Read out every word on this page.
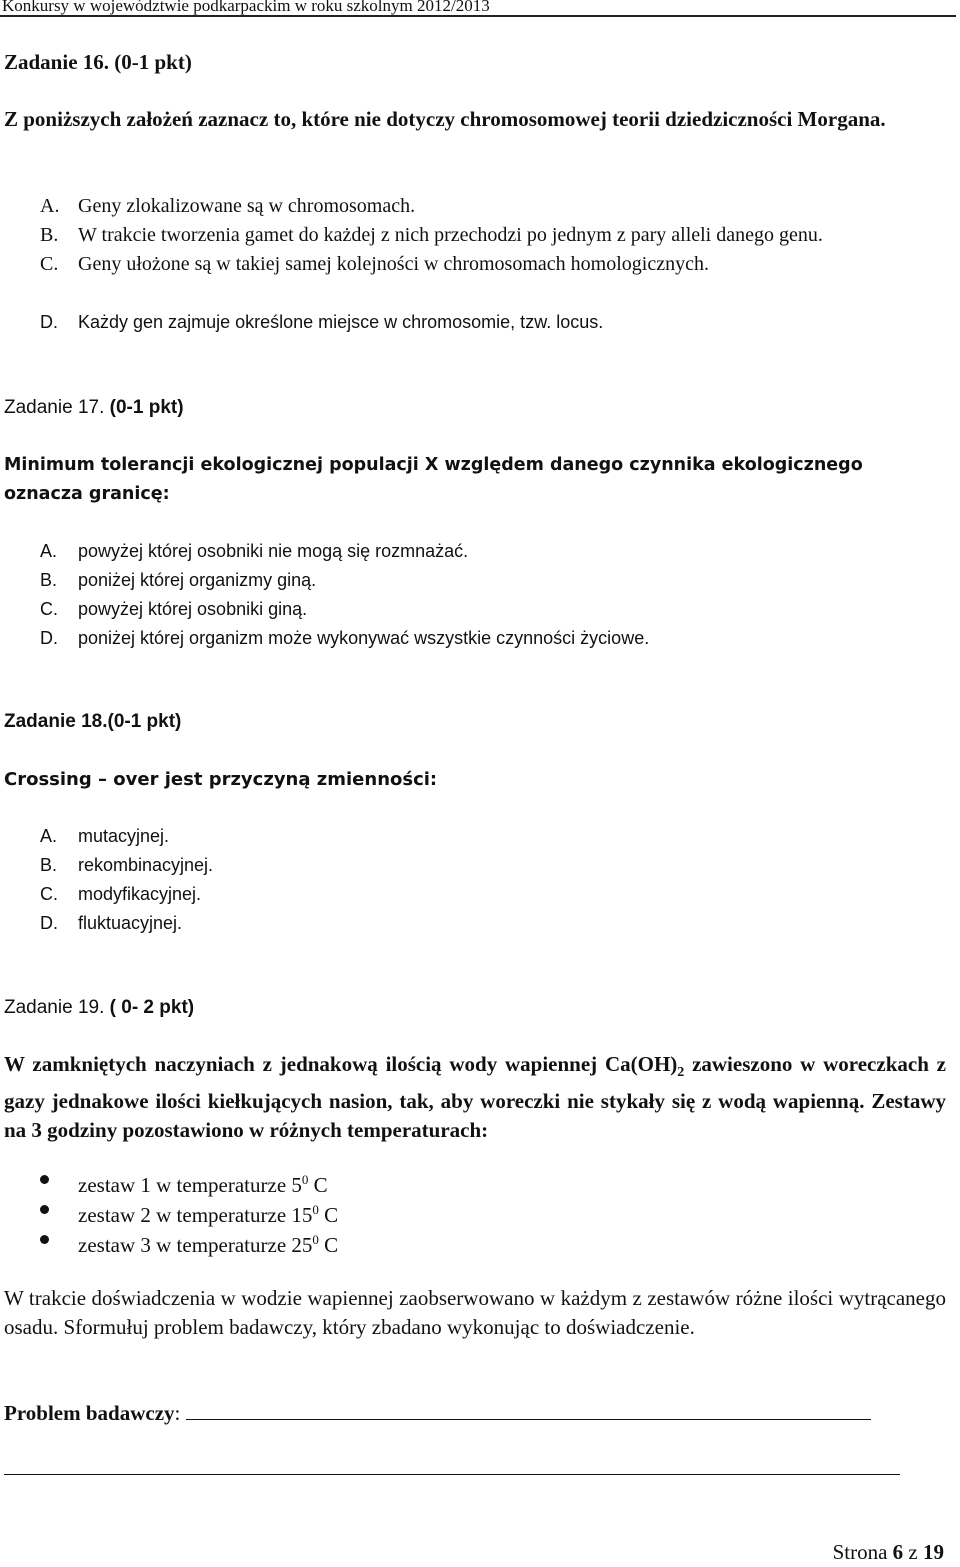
Konkursy w województwie podkarpackim w roku szkolnym 2012/2013
Zadanie 16. (0-1 pkt)
Z poniższych założeń zaznacz to, które nie dotyczy chromosomowej teorii dziedziczności Morgana.
A. Geny zlokalizowane są w chromosomach.
B. W trakcie tworzenia gamet do każdej z nich przechodzi po jednym z pary alleli danego genu.
C. Geny ułożone są w takiej samej kolejności w chromosomach homologicznych.
D. Każdy gen zajmuje określone miejsce w chromosomie, tzw. locus.
Zadanie 17. (0-1 pkt)
Minimum tolerancji ekologicznej populacji X względem danego czynnika ekologicznego oznacza granicę:
A. powyżej której osobniki nie mogą się rozmnażać.
B. poniżej której organizmy giną.
C. powyżej której osobniki giną.
D. poniżej której organizm może wykonywać wszystkie czynności życiowe.
Zadanie 18.(0-1 pkt)
Crossing – over jest przyczyną zmienności:
A. mutacyjnej.
B. rekombinacyjnej.
C. modyfikacyjnej.
D. fluktuacyjnej.
Zadanie 19. ( 0- 2 pkt)
W zamkniętych naczyniach z jednakową ilością wody wapiennej $Ca(OH)_2$ zawieszono w woreczkach z gazy jednakowe ilości kiełkujących nasion, tak, aby woreczki nie stykały się z wodą wapienną. Zestawy na 3 godziny pozostawiono w różnych temperaturach:
zestaw 1 w temperaturze $5^0$ C
zestaw 2 w temperaturze $15^0$ C
zestaw 3 w temperaturze $25^0$ C
W trakcie doświadczenia w wodzie wapiennej zaobserwowano w każdym z zestawów różne ilości wytrącanego osadu. Sformułuj problem badawczy, który zbadano wykonując to doświadczenie.
Problem badawczy:
Strona 6 z 19
